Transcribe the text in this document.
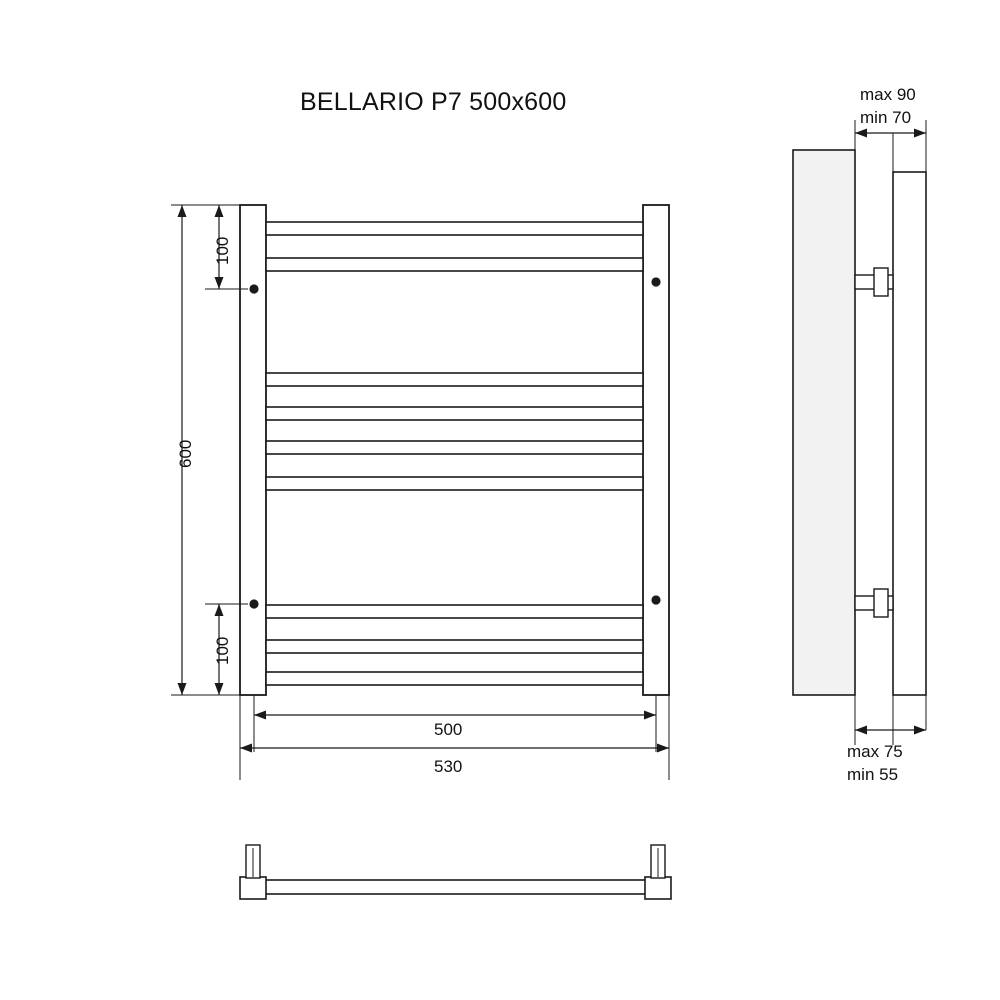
BELLARIO Р7 500x600
100
600
100
500
530
max 90
min 70
max 75
min 55
